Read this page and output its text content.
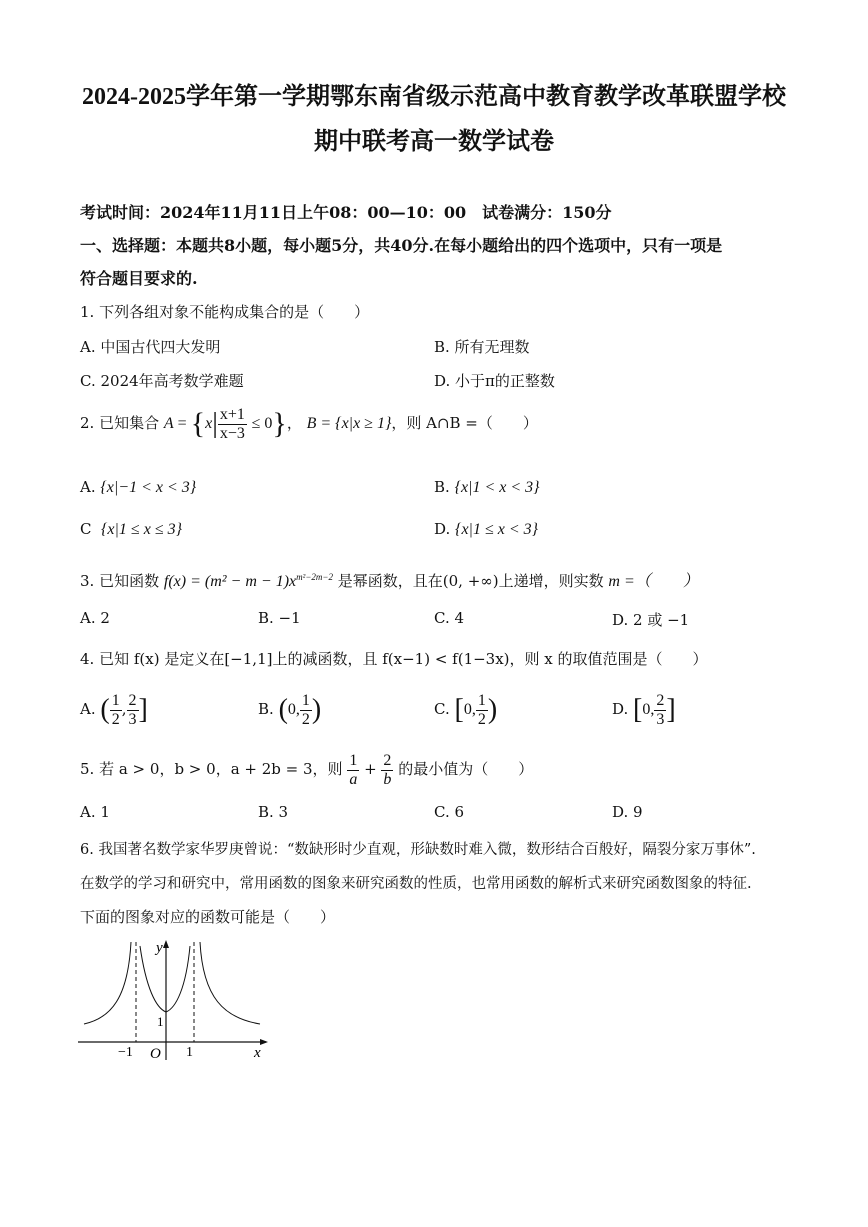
2024-2025学年第一学期鄂东南省级示范高中教育教学改革联盟学校
期中联考高一数学试卷
考试时间：2024年11月11日上午08：00—10：00　试卷满分：150分
一、选择题：本题共8小题，每小题5分，共40分.在每小题给出的四个选项中，只有一项是
符合题目要求的.
1. 下列各组对象不能构成集合的是（　　）
A. 中国古代四大发明	B. 所有无理数
C. 2024年高考数学难题	D. 小于π的正整数
2. 已知集合 $A = \{x| \frac{x+1}{x-3} \le 0\}$， B = {x|x ≥ 1}，则 A∩B =（　　）
A. {x|−1 < x < 3}	B. {x|1 < x < 3}
C {x|1 ≤ x ≤ 3}	D. {x|1 ≤ x < 3}
3. 已知函数 $f(x) = (m^2 - m - 1)x^{m^2-2m-2}$ 是幂函数，且在(0, +∞)上递增，则实数 m =（　　）
A. 2	B. −1	C. 4	D. 2 或 −1
4. 已知 f(x) 是定义在[−1,1]上的减函数，且 f(x−1) < f(1−3x)，则 x 的取值范围是（　　）
A. ( $\frac{1}{2}$ , $\frac{2}{3}$ ]	B. (0, $\frac{1}{2}$ )	C. [0, $\frac{1}{2}$ )	D. [0, $\frac{2}{3}$ ]
5. 若 a > 0，b > 0，a + 2b = 3，则 $\frac{1}{a} + \frac{2}{b}$ 的最小值为（　　）
A. 1	B. 3	C. 6	D. 9
6. 我国著名数学家华罗庚曾说：“数缺形时少直观，形缺数时难入微，数形结合百般好，隔裂分家万事休”.
在数学的学习和研究中，常用函数的图象来研究函数的性质，也常用函数的解析式来研究函数图象的特征.
下面的图象对应的函数可能是（　　）
y
x
O
−1	1
1
